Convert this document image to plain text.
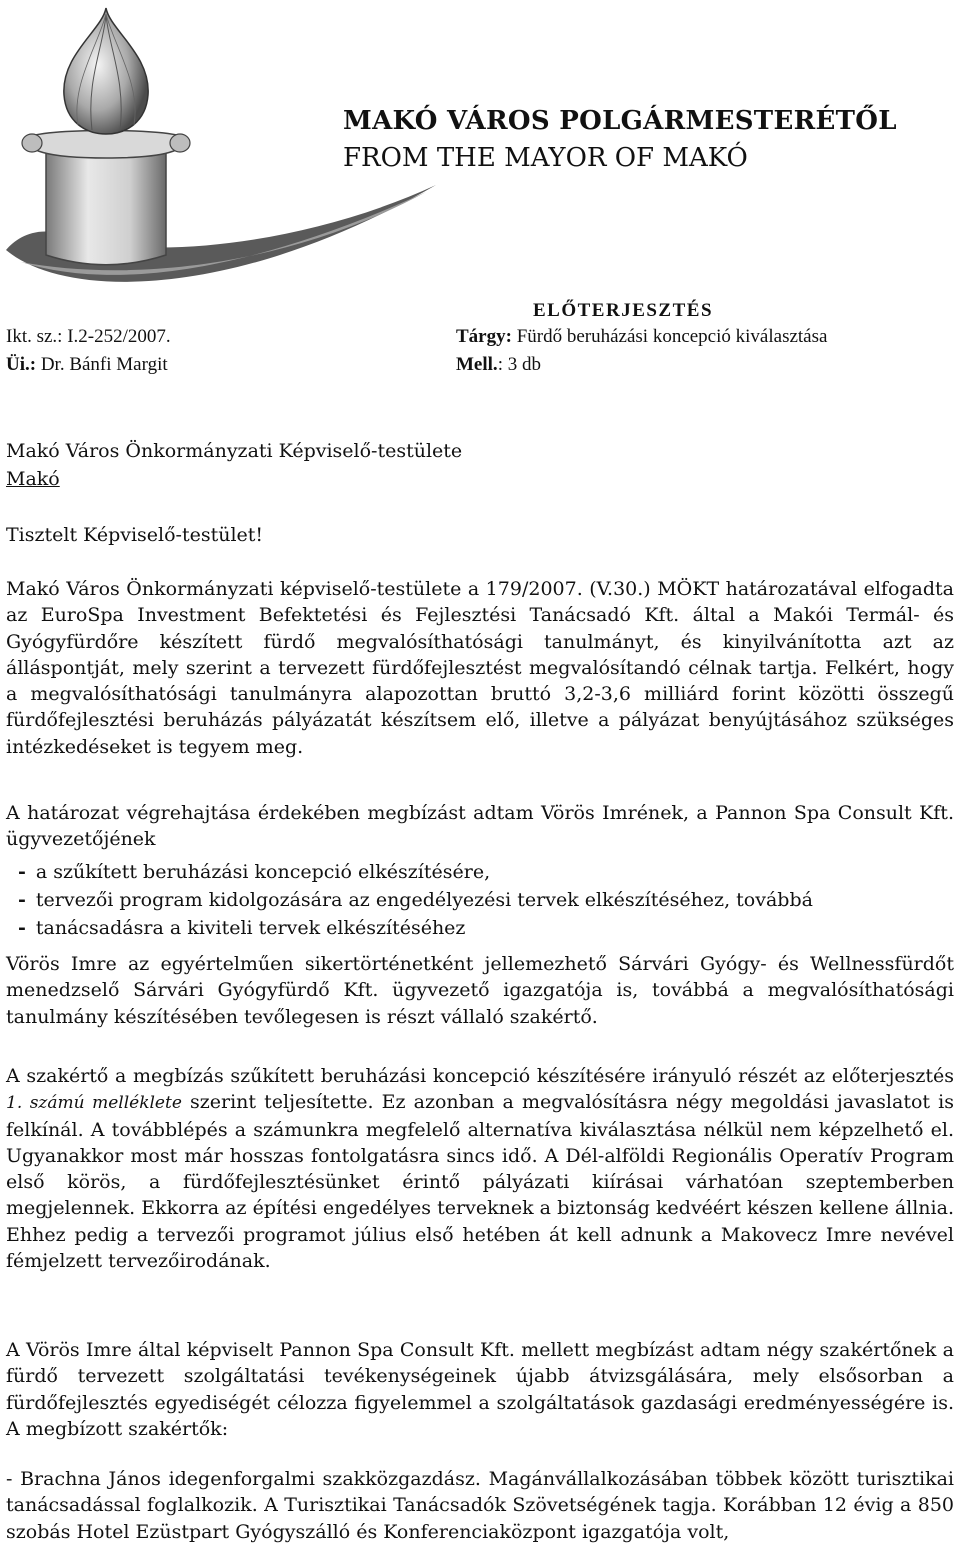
MAKÓ VÁROS POLGÁRMESTERÉTŐL
FROM THE MAYOR OF MAKÓ
ELŐTERJESZTÉS
Ikt. sz.: I.2-252/2007.
Üi.: Dr. Bánfi Margit
Tárgy: Fürdő beruházási koncepció kiválasztása
Mell.: 3 db
Makó Város Önkormányzati Képviselő-testülete
Makó
Tisztelt Képviselő-testület!

Makó Város Önkormányzati képviselő-testülete a 179/2007. (V.30.) MÖKT határozatával elfogadta az EuroSpa Investment Befektetési és Fejlesztési Tanácsadó Kft. által a Makói Termál- és Gyógyfürdőre készített fürdő megvalósíthatósági tanulmányt, és kinyilvánította azt az álláspontját, mely szerint a tervezett fürdőfejlesztést megvalósítandó célnak tartja. Felkért, hogy a megvalósíthatósági tanulmányra alapozottan bruttó 3,2-3,6 milliárd forint közötti összegű fürdőfejlesztési beruházás pályázatát készítsem elő, illetve a pályázat benyújtásához szükséges intézkedéseket is tegyem meg.

A határozat végrehajtása érdekében megbízást adtam Vörös Imrének, a Pannon Spa Consult Kft. ügyvezetőjének

- a szűkített beruházási koncepció elkészítésére,
- tervezői program kidolgozására az engedélyezési tervek elkészítéséhez, továbbá
- tanácsadásra a kiviteli tervek elkészítéséhez

Vörös Imre az egyértelműen sikertörténetként jellemezhető Sárvári Gyógy- és Wellnessfürdőt menedzselő Sárvári Gyógyfürdő Kft. ügyvezető igazgatója is, továbbá a megvalósíthatósági tanulmány készítésében tevőlegesen is részt vállaló szakértő.

A szakértő a megbízás szűkített beruházási koncepció készítésére irányuló részét az előterjesztés 1. számú melléklete szerint teljesítette. Ez azonban a megvalósításra négy megoldási javaslatot is felkínál. A továbblépés a számunkra megfelelő alternatíva kiválasztása nélkül nem képzelhető el. Ugyanakkor most már hosszas fontolgatásra sincs idő. A Dél-alföldi Regionális Operatív Program első körös, a fürdőfejlesztésünket érintő pályázati kiírásai várhatóan szeptemberben megjelennek. Ekkorra az építési engedélyes terveknek a biztonság kedvéért készen kellene állnia. Ehhez pedig a tervezői programot július első hetében át kell adnunk a Makovecz Imre nevével fémjelzett tervezőirodának.

A Vörös Imre által képviselt Pannon Spa Consult Kft. mellett megbízást adtam négy szakértőnek a fürdő tervezett szolgáltatási tevékenységeinek újabb átvizsgálására, mely elsősorban a fürdőfejlesztés egyediségét célozza figyelemmel a szolgáltatások gazdasági eredményességére is. A megbízott szakértők:

- Brachna János idegenforgalmi szakközgazdász. Magánvállalkozásában többek között turisztikai tanácsadással foglalkozik. A Turisztikai Tanácsadók Szövetségének tagja. Korábban 12 évig a 850 szobás Hotel Ezüstpart Gyógyszálló és Konferenciaközpont igazgatója volt,
